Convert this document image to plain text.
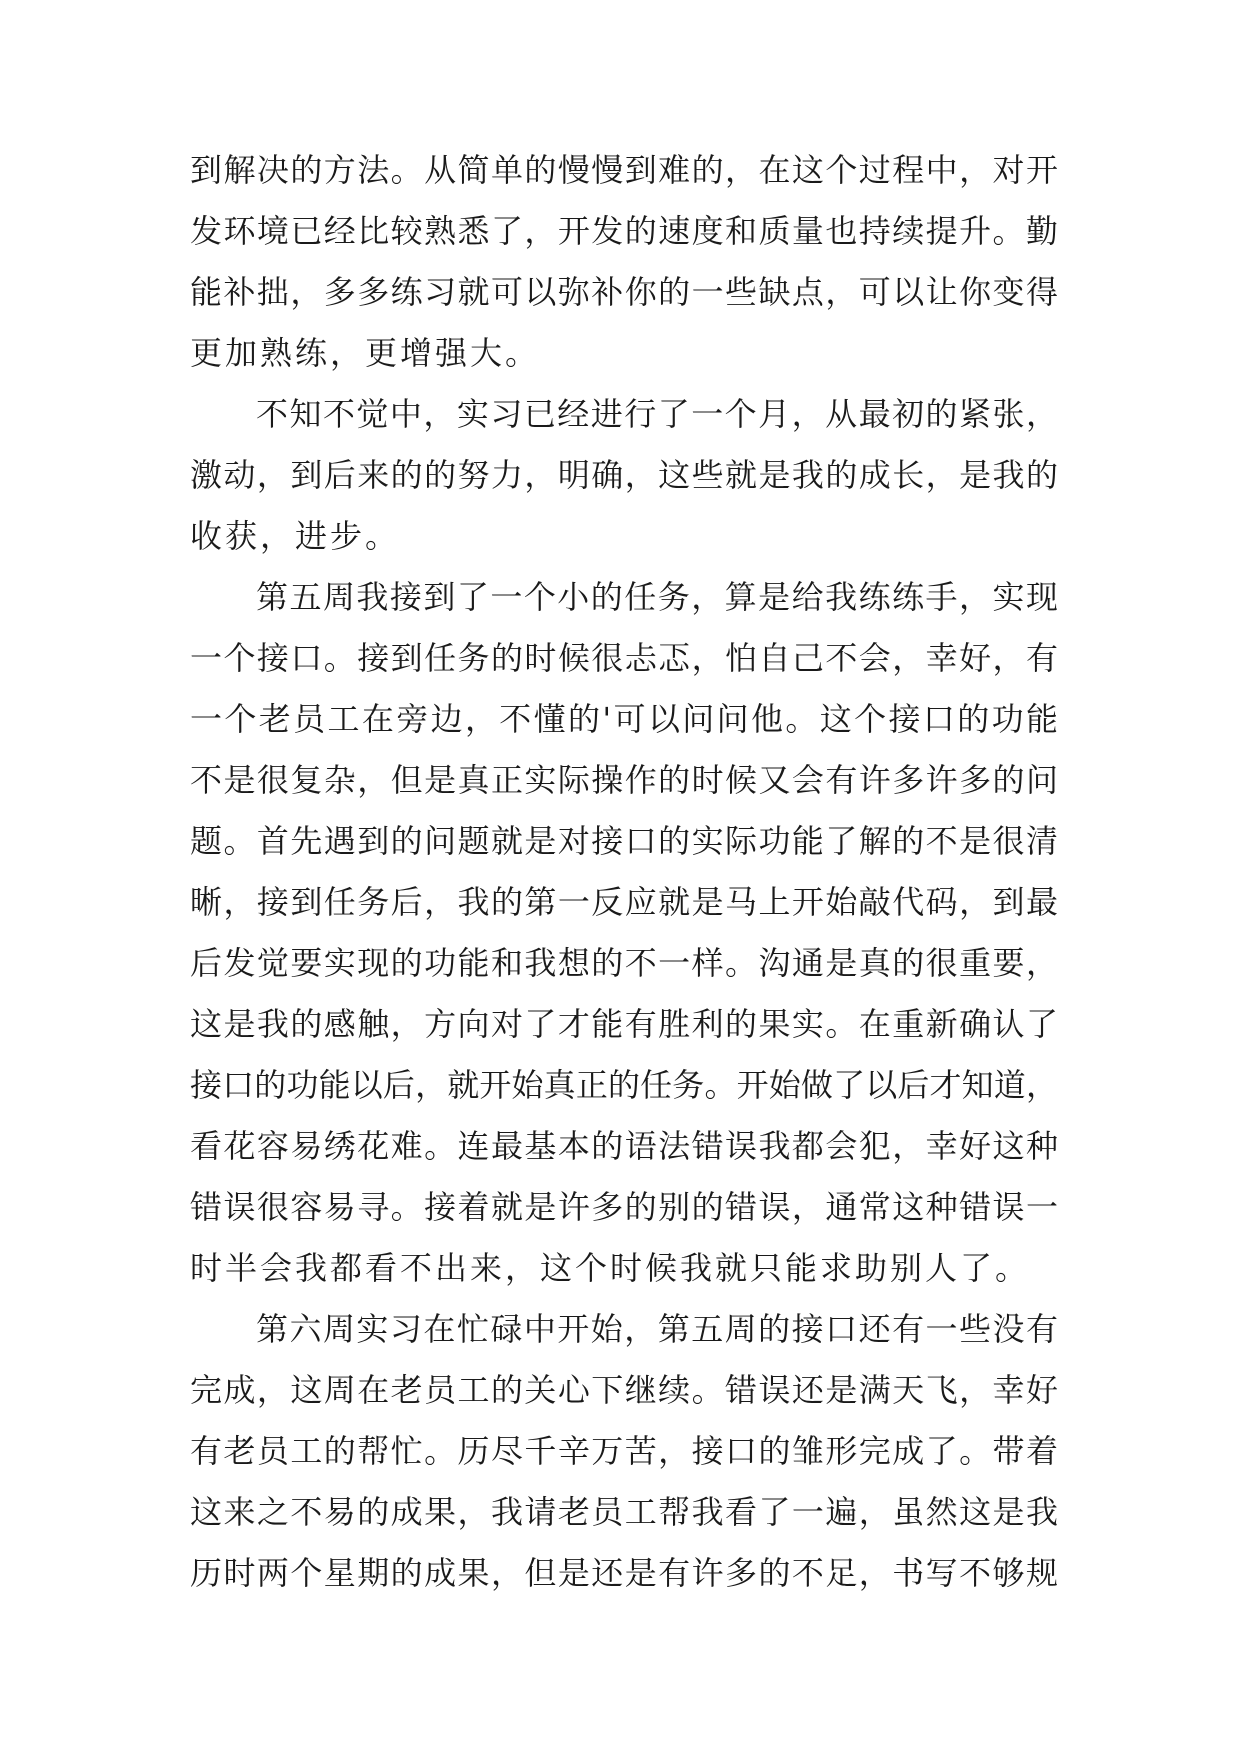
到解决的方法。从简单的慢慢到难的，在这个过程中，对开
发环境已经比较熟悉了，开发的速度和质量也持续提升。勤
能补拙，多多练习就可以弥补你的一些缺点，可以让你变得
更加熟练，更增强大。
不知不觉中，实习已经进行了一个月，从最初的紧张，
激动，到后来的的努力，明确，这些就是我的成长，是我的
收获，进步。
第五周我接到了一个小的任务，算是给我练练手，实现
一个接口。接到任务的时候很忐忑，怕自己不会，幸好，有
一个老员工在旁边，不懂的'可以问问他。这个接口的功能
不是很复杂，但是真正实际操作的时候又会有许多许多的问
题。首先遇到的问题就是对接口的实际功能了解的不是很清
晰，接到任务后，我的第一反应就是马上开始敲代码，到最
后发觉要实现的功能和我想的不一样。沟通是真的很重要，
这是我的感触，方向对了才能有胜利的果实。在重新确认了
接口的功能以后，就开始真正的任务。开始做了以后才知道，
看花容易绣花难。连最基本的语法错误我都会犯，幸好这种
错误很容易寻。接着就是许多的别的错误，通常这种错误一
时半会我都看不出来，这个时候我就只能求助别人了。
第六周实习在忙碌中开始，第五周的接口还有一些没有
完成，这周在老员工的关心下继续。错误还是满天飞，幸好
有老员工的帮忙。历尽千辛万苦，接口的雏形完成了。带着
这来之不易的成果，我请老员工帮我看了一遍，虽然这是我
历时两个星期的成果，但是还是有许多的不足，书写不够规
